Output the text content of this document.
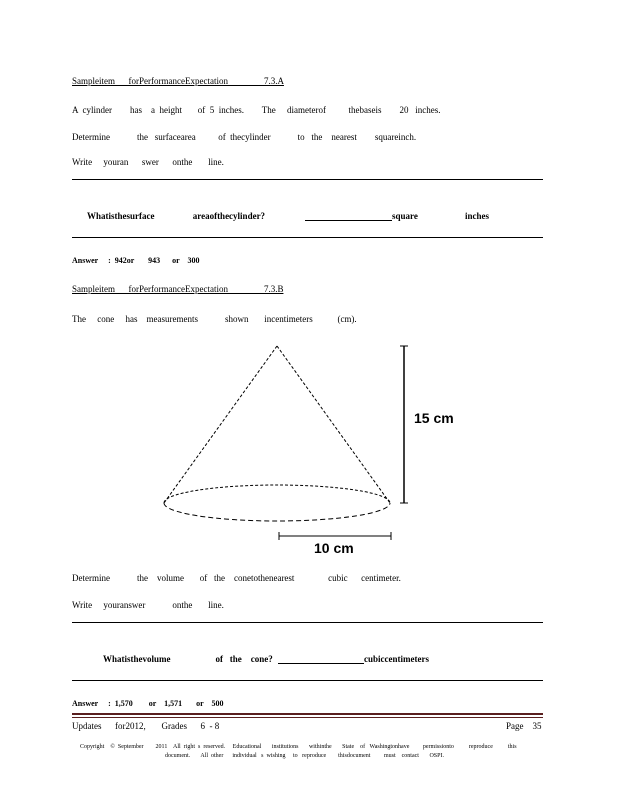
Sampleitem      forPerformanceExpectation                7.3.A
A  cylinder        has    a  height       of  5  inches.        The     diameterof          thebaseis        20   inches.
Determine            the   surfacearea          of  thecylinder            to   the    nearest        squareinch.
Write     youran      swer      onthe       line.
Whatisthesurface                 areaofthecylinder?	square	inches
Answer     :  942or       943      or    300
Sampleitem      forPerformanceExpectation                7.3.B
The     cone     has    measurements            shown       incentimeters           (cm).
15 cm
10 cm
Determine            the    volume       of   the    conetothenearest               cubic      centimeter.
Write     youranswer            onthe       line.
Whatisthevolume                    of   the    cone?	cubiccentimeters
Answer     :  1,570        or    1,571       or    500
Updates      for2012,       Grades      6  - 8	Page    35
Copyright    ©  September        2011    All  right  s  reserved.     Educational       institutions       withinthe       State    of   Washingtonhave         permissionto          reproduce          this
document.       All  other      individual   s  wishing     to   reproduce        thisdocument         must    contact       OSPI.
